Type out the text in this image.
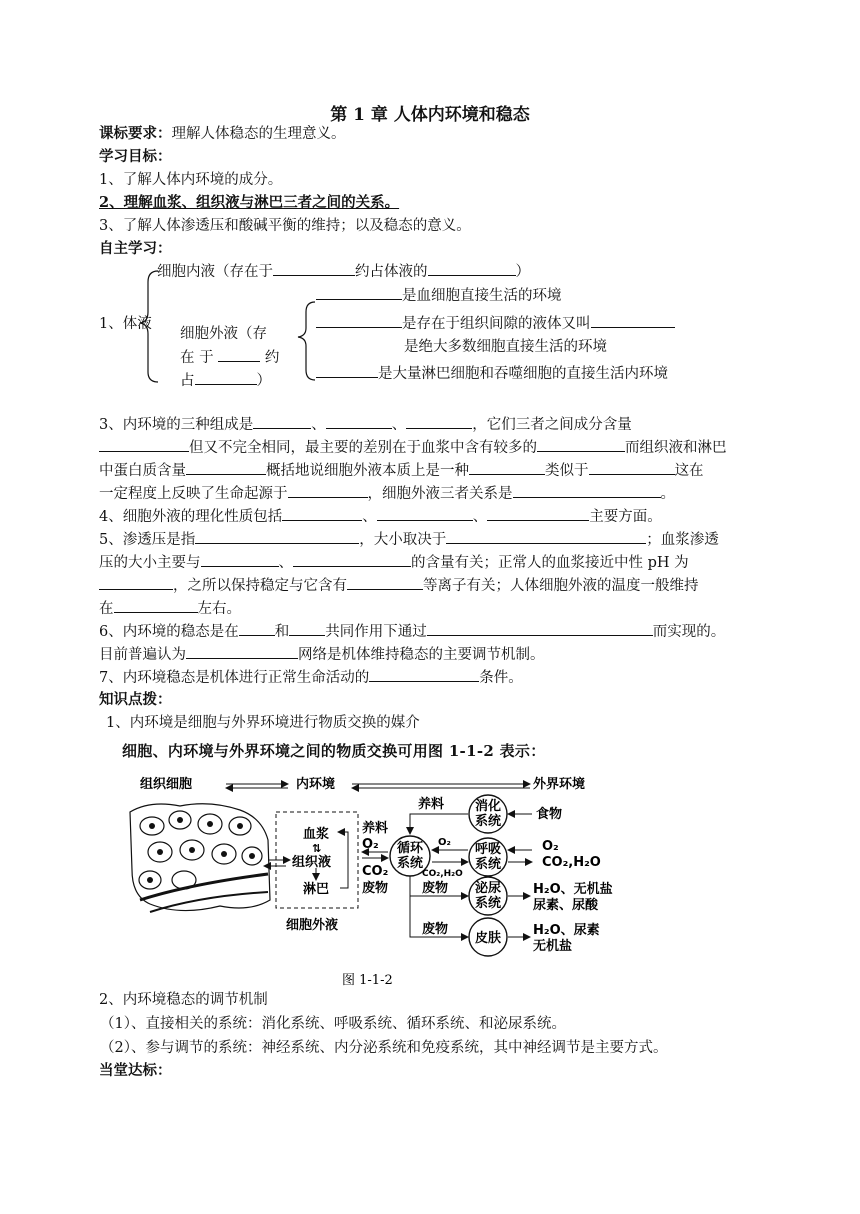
第 1 章 人体内环境和稳态
课标要求：理解人体稳态的生理意义。
学习目标：
1、了解人体内环境的成分。
2、理解血浆、组织液与淋巴三者之间的关系。
3、了解人体渗透压和酸碱平衡的维持；以及稳态的意义。
自主学习：
细胞内液（存在于	约占体液的	）
1、体液
细胞外液（存
在 于	约
占	）
是血细胞直接生活的环境
是存在于组织间隙的液体又叫
是绝大多数细胞直接生活的环境
是大量淋巴细胞和吞噬细胞的直接生活内环境
3、内环境的三种组成是	、	、	，它们三者之间成分含量
但又不完全相同，最主要的差别在于血浆中含有较多的	而组织液和淋巴
中蛋白质含量	概括地说细胞外液本质上是一种	类似于	这在
一定程度上反映了生命起源于	，细胞外液三者关系是	。
4、细胞外液的理化性质包括	、	、	主要方面。
5、渗透压是指	，大小取决于	；血浆渗透
压的大小主要与	、	的含量有关；正常人的血浆接近中性 pH 为
，之所以保持稳定与它含有	等离子有关；人体细胞外液的温度一般维持
在	左右。
6、内环境的稳态是在 和 共同作用下通过	而实现的。
目前普遍认为	网络是机体维持稳态的主要调节机制。
7、内环境稳态是机体进行正常生命活动的	条件。
知识点拨：
1、内环境是细胞与外界环境进行物质交换的媒介
细胞、内环境与外界环境之间的物质交换可用图 1-1-2 表示：
组织细胞	内环境	外界环境
血浆
⇅
组织液
淋巴
细胞外液
养料
O₂
CO₂
废物
循环
系统
消化
系统
呼吸
系统
泌尿
系统
皮肤
养料
O₂
CO₂,H₂O
废物
废物
食物
O₂
CO₂,H₂O
H₂O、无机盐
尿素、尿酸
H₂O、尿素
无机盐
图 1-1-2
2、内环境稳态的调节机制
（1）、直接相关的系统：消化系统、呼吸系统、循环系统、和泌尿系统。
（2）、参与调节的系统：神经系统、内分泌系统和免疫系统，其中神经调节是主要方式。
当堂达标：
